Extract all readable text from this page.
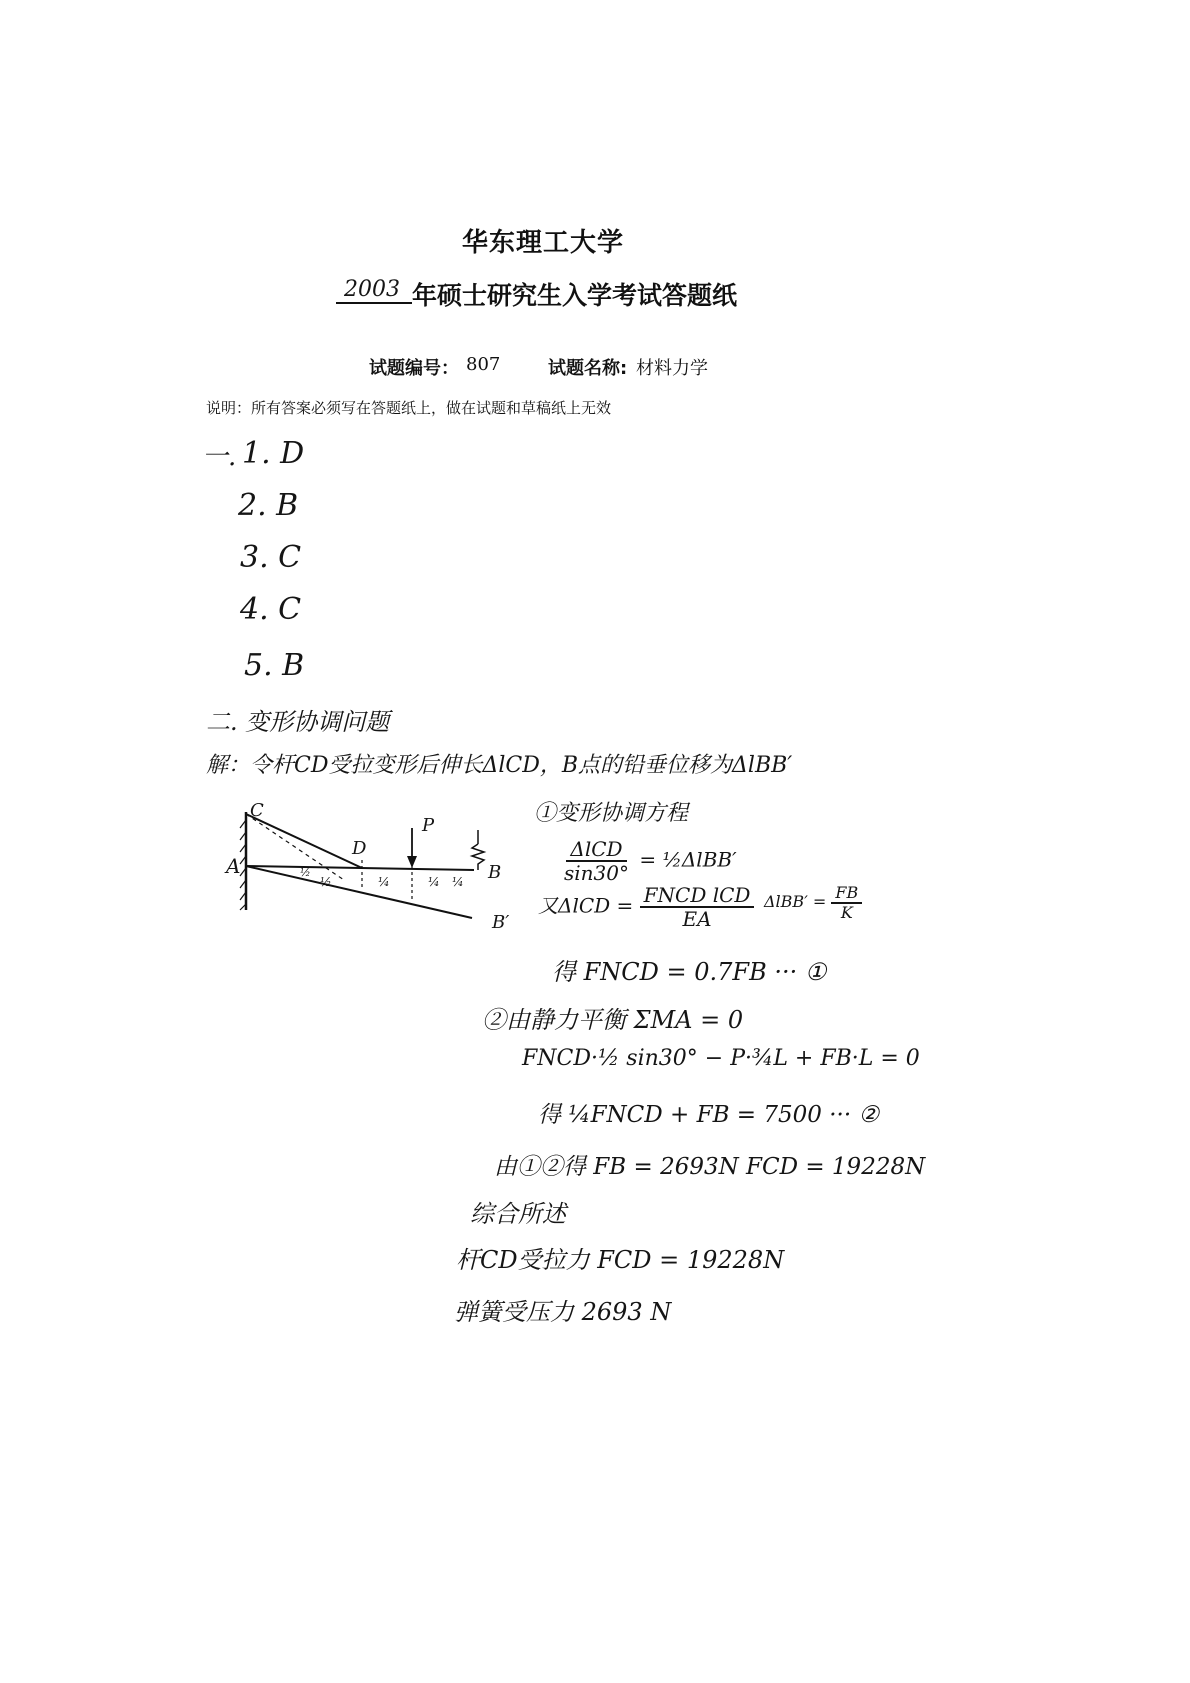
华东理工大学
2003 年硕士研究生入学考试答题纸
试题编号： 807	试题名称: 材料力学
说明：所有答案必须写在答题纸上，做在试题和草稿纸上无效
一. 1. D
2. B
3. C
4. C
5. B
二. 变形协调问题
解：令杆CD受拉变形后伸长ΔlCD，B点的铅垂位移为ΔlBB′
½	¼	¼ ¼
½
C
A
D
P
B
B′
①变形协调方程
$\frac{\text{ΔlCD}}{\sin 30^\circ}$ = ½ΔlBB′
又$\Delta lCD = \frac{\text{FNCD lCD}}{EA} \Delta lBB' = \frac{FB}{K}$
得 FNCD = 0.7FB ··· ①
②由静力平衡 ΣMA = 0
FNCD·½ sin30° − P·¾L + FB·L = 0
得 ¼FNCD + FB = 7500 ··· ②
由①②得 FB = 2693N FCD = 19228N
综合所述
杆CD受拉力 FCD = 19228N
弹簧受压力 2693 N
